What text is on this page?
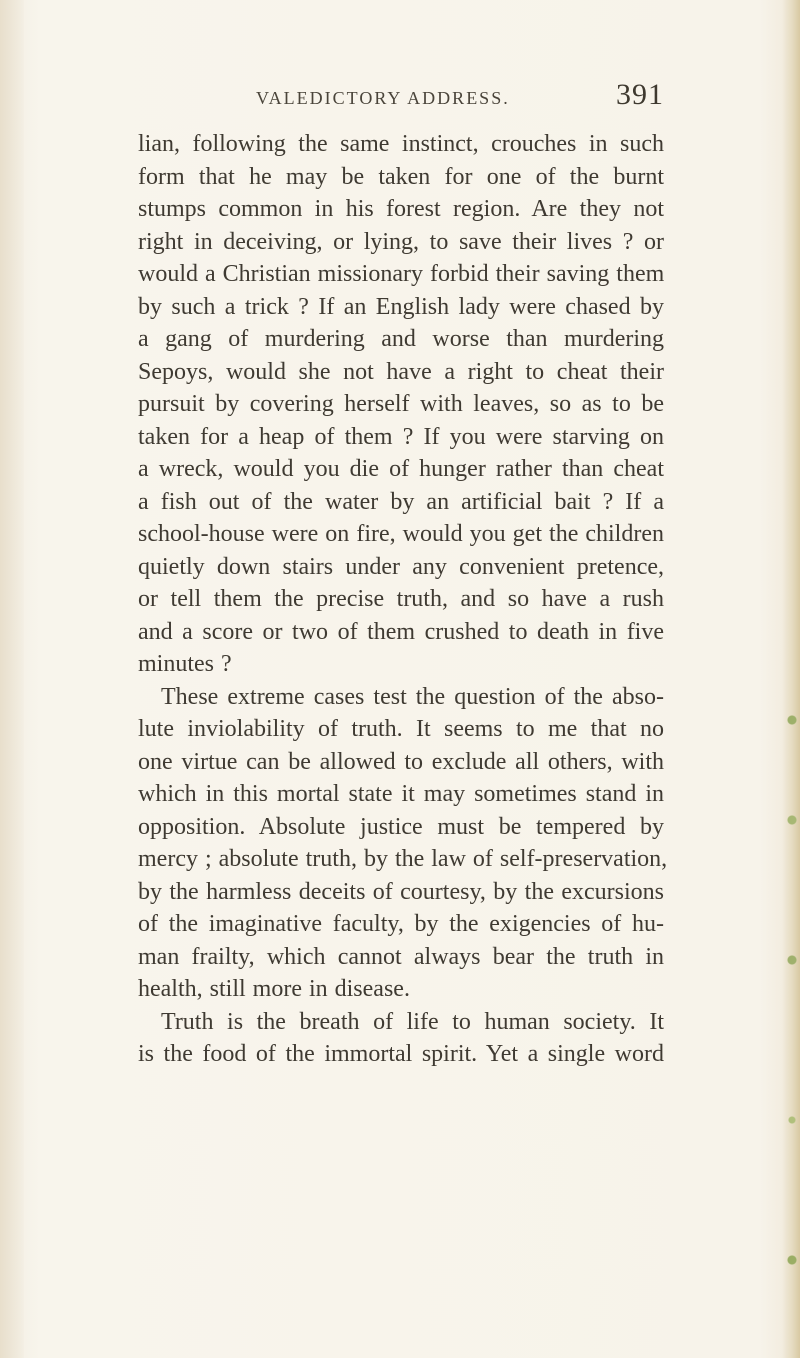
VALEDICTORY ADDRESS.	391
lian, following the same instinct, crouches in such
form that he may be taken for one of the burnt
stumps common in his forest region. Are they not
right in deceiving, or lying, to save their lives ? or
would a Christian missionary forbid their saving them
by such a trick ? If an English lady were chased by
a gang of murdering and worse than murdering
Sepoys, would she not have a right to cheat their
pursuit by covering herself with leaves, so as to be
taken for a heap of them ? If you were starving on
a wreck, would you die of hunger rather than cheat
a fish out of the water by an artificial bait ? If a
school-house were on fire, would you get the children
quietly down stairs under any convenient pretence,
or tell them the precise truth, and so have a rush
and a score or two of them crushed to death in five
minutes ?
These extreme cases test the question of the abso-
lute inviolability of truth. It seems to me that no
one virtue can be allowed to exclude all others, with
which in this mortal state it may sometimes stand in
opposition. Absolute justice must be tempered by
mercy ; absolute truth, by the law of self-preservation,
by the harmless deceits of courtesy, by the excursions
of the imaginative faculty, by the exigencies of hu-
man frailty, which cannot always bear the truth in
health, still more in disease.
Truth is the breath of life to human society. It
is the food of the immortal spirit. Yet a single word
